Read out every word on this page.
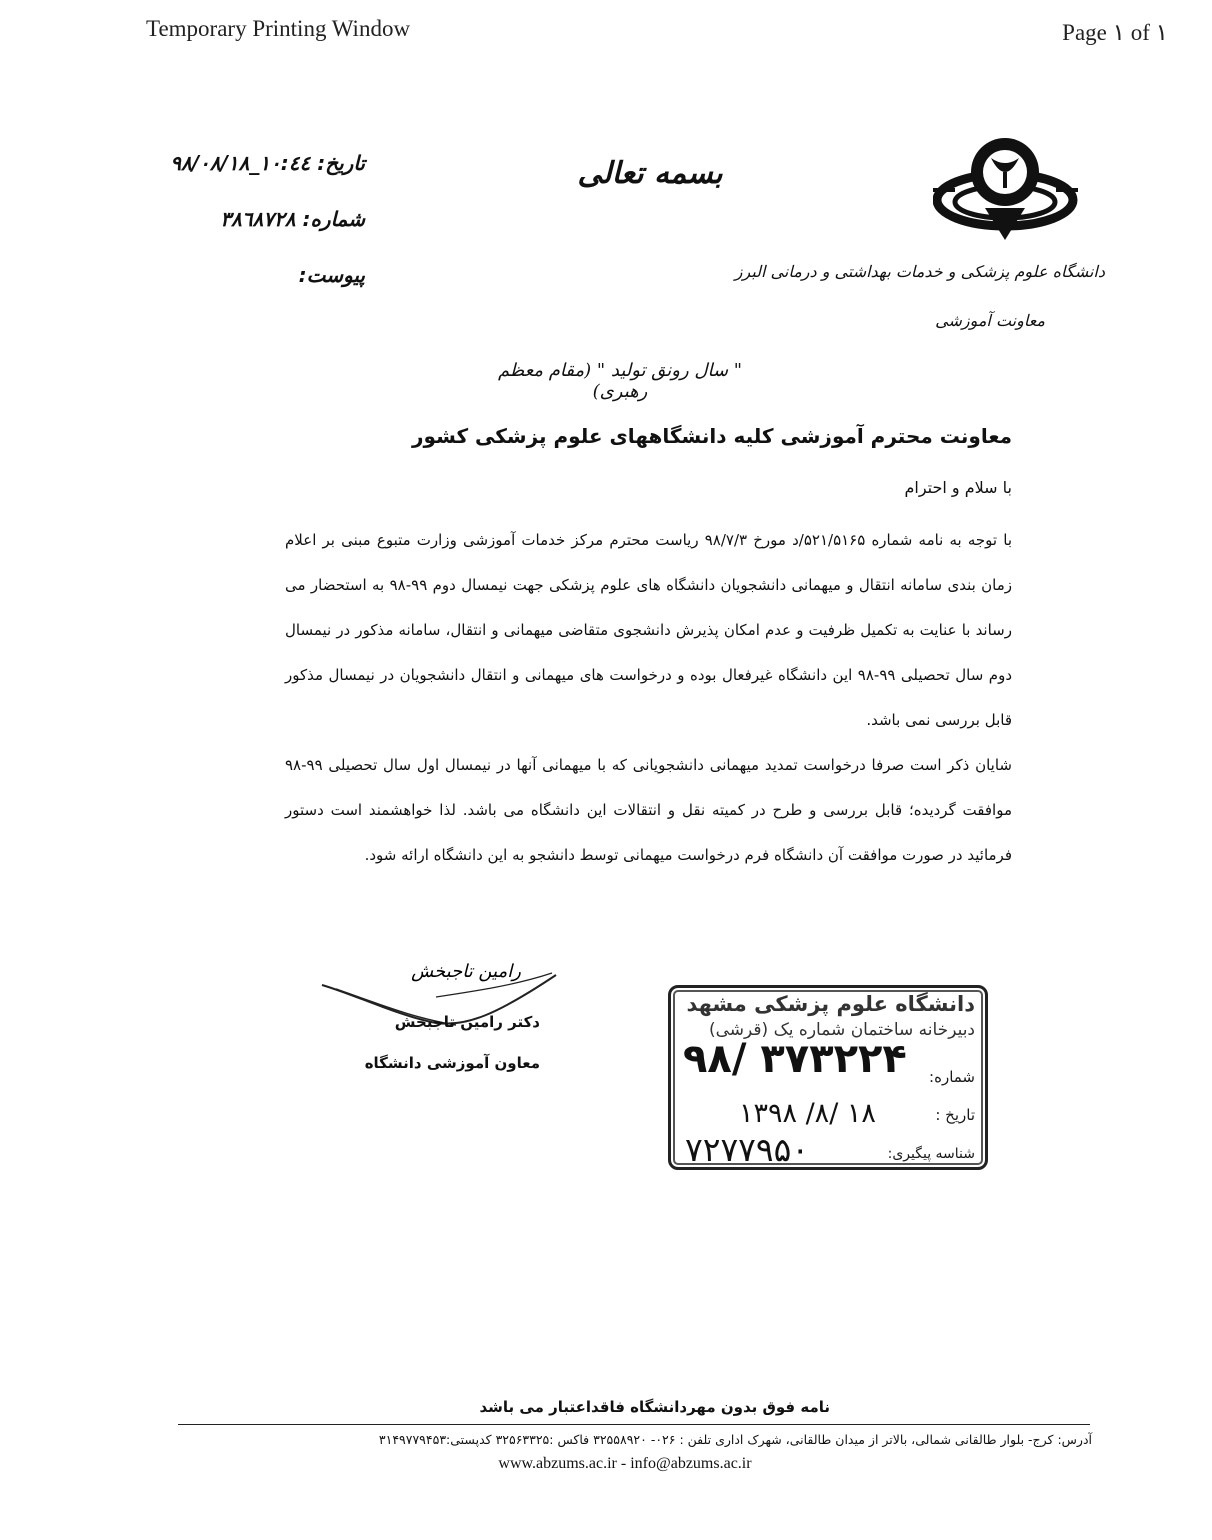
Temporary Printing Window	Page ۱ of ۱
بسمه تعالی
تاریخ: ۱۰:٤٤_۹۸/۰۸/۱۸
شماره: ۳۸٦۸۷۲۸
پیوست:	دانشگاه علوم پزشکی و خدمات بهداشتی و درمانی البرز
معاونت آموزشی
" سال رونق تولید " (مقام معظم رهبری)
معاونت محترم آموزشی کلیه دانشگاههای علوم پزشکی کشور
با سلام و احترام

با توجه به نامه شماره ۵۲۱/۵۱۶۵/د مورخ ۹۸/۷/۳ ریاست محترم مرکز خدمات آموزشی وزارت متبوع مبنی بر اعلام زمان بندی سامانه انتقال و میهمانی دانشجویان دانشگاه های علوم پزشکی جهت نیمسال دوم ۹۹-۹۸ به استحضار می رساند با عنایت به تکمیل ظرفیت و عدم امکان پذیرش دانشجوی متقاضی میهمانی و انتقال، سامانه مذکور در نیمسال دوم سال تحصیلی ۹۹-۹۸ این دانشگاه غیرفعال بوده و درخواست های میهمانی و انتقال دانشجویان در نیمسال مذکور قابل بررسی نمی باشد.

شایان ذکر است صرفا درخواست تمدید میهمانی دانشجویانی که با میهمانی آنها در نیمسال اول سال تحصیلی ۹۹-۹۸ موافقت گردیده؛ قابل بررسی و طرح در کمیته نقل و انتقالات این دانشگاه می باشد. لذا خواهشمند است دستور فرمائید در صورت موافقت آن دانشگاه فرم درخواست میهمانی توسط دانشجو به این دانشگاه ارائه شود.

رامین تاجبخش
دکتر رامین تاجبخش
معاون آموزشی دانشگاه
دانشگاه علوم پزشکی مشهد
دبیرخانه ساختمان شماره یک (قرشی)
شماره:
۹۸/ ۳۷۳۲۲۴
تاریخ :
۱۳۹۸ /۸/ ۱۸
شناسه پیگیری:
۷۲۷۷۹۵۰
نامه فوق بدون مهردانشگاه فاقداعتبار می باشد
آدرس: کرج- بلوار طالقانی شمالی، بالاتر از میدان طالقانی، شهرک اداری تلفن : ۰۲۶- ۳۲۵۵۸۹۲۰ فاکس :۳۲۵۶۳۳۲۵ کدپستی:۳۱۴۹۷۷۹۴۵۳
www.abzums.ac.ir - info@abzums.ac.ir
